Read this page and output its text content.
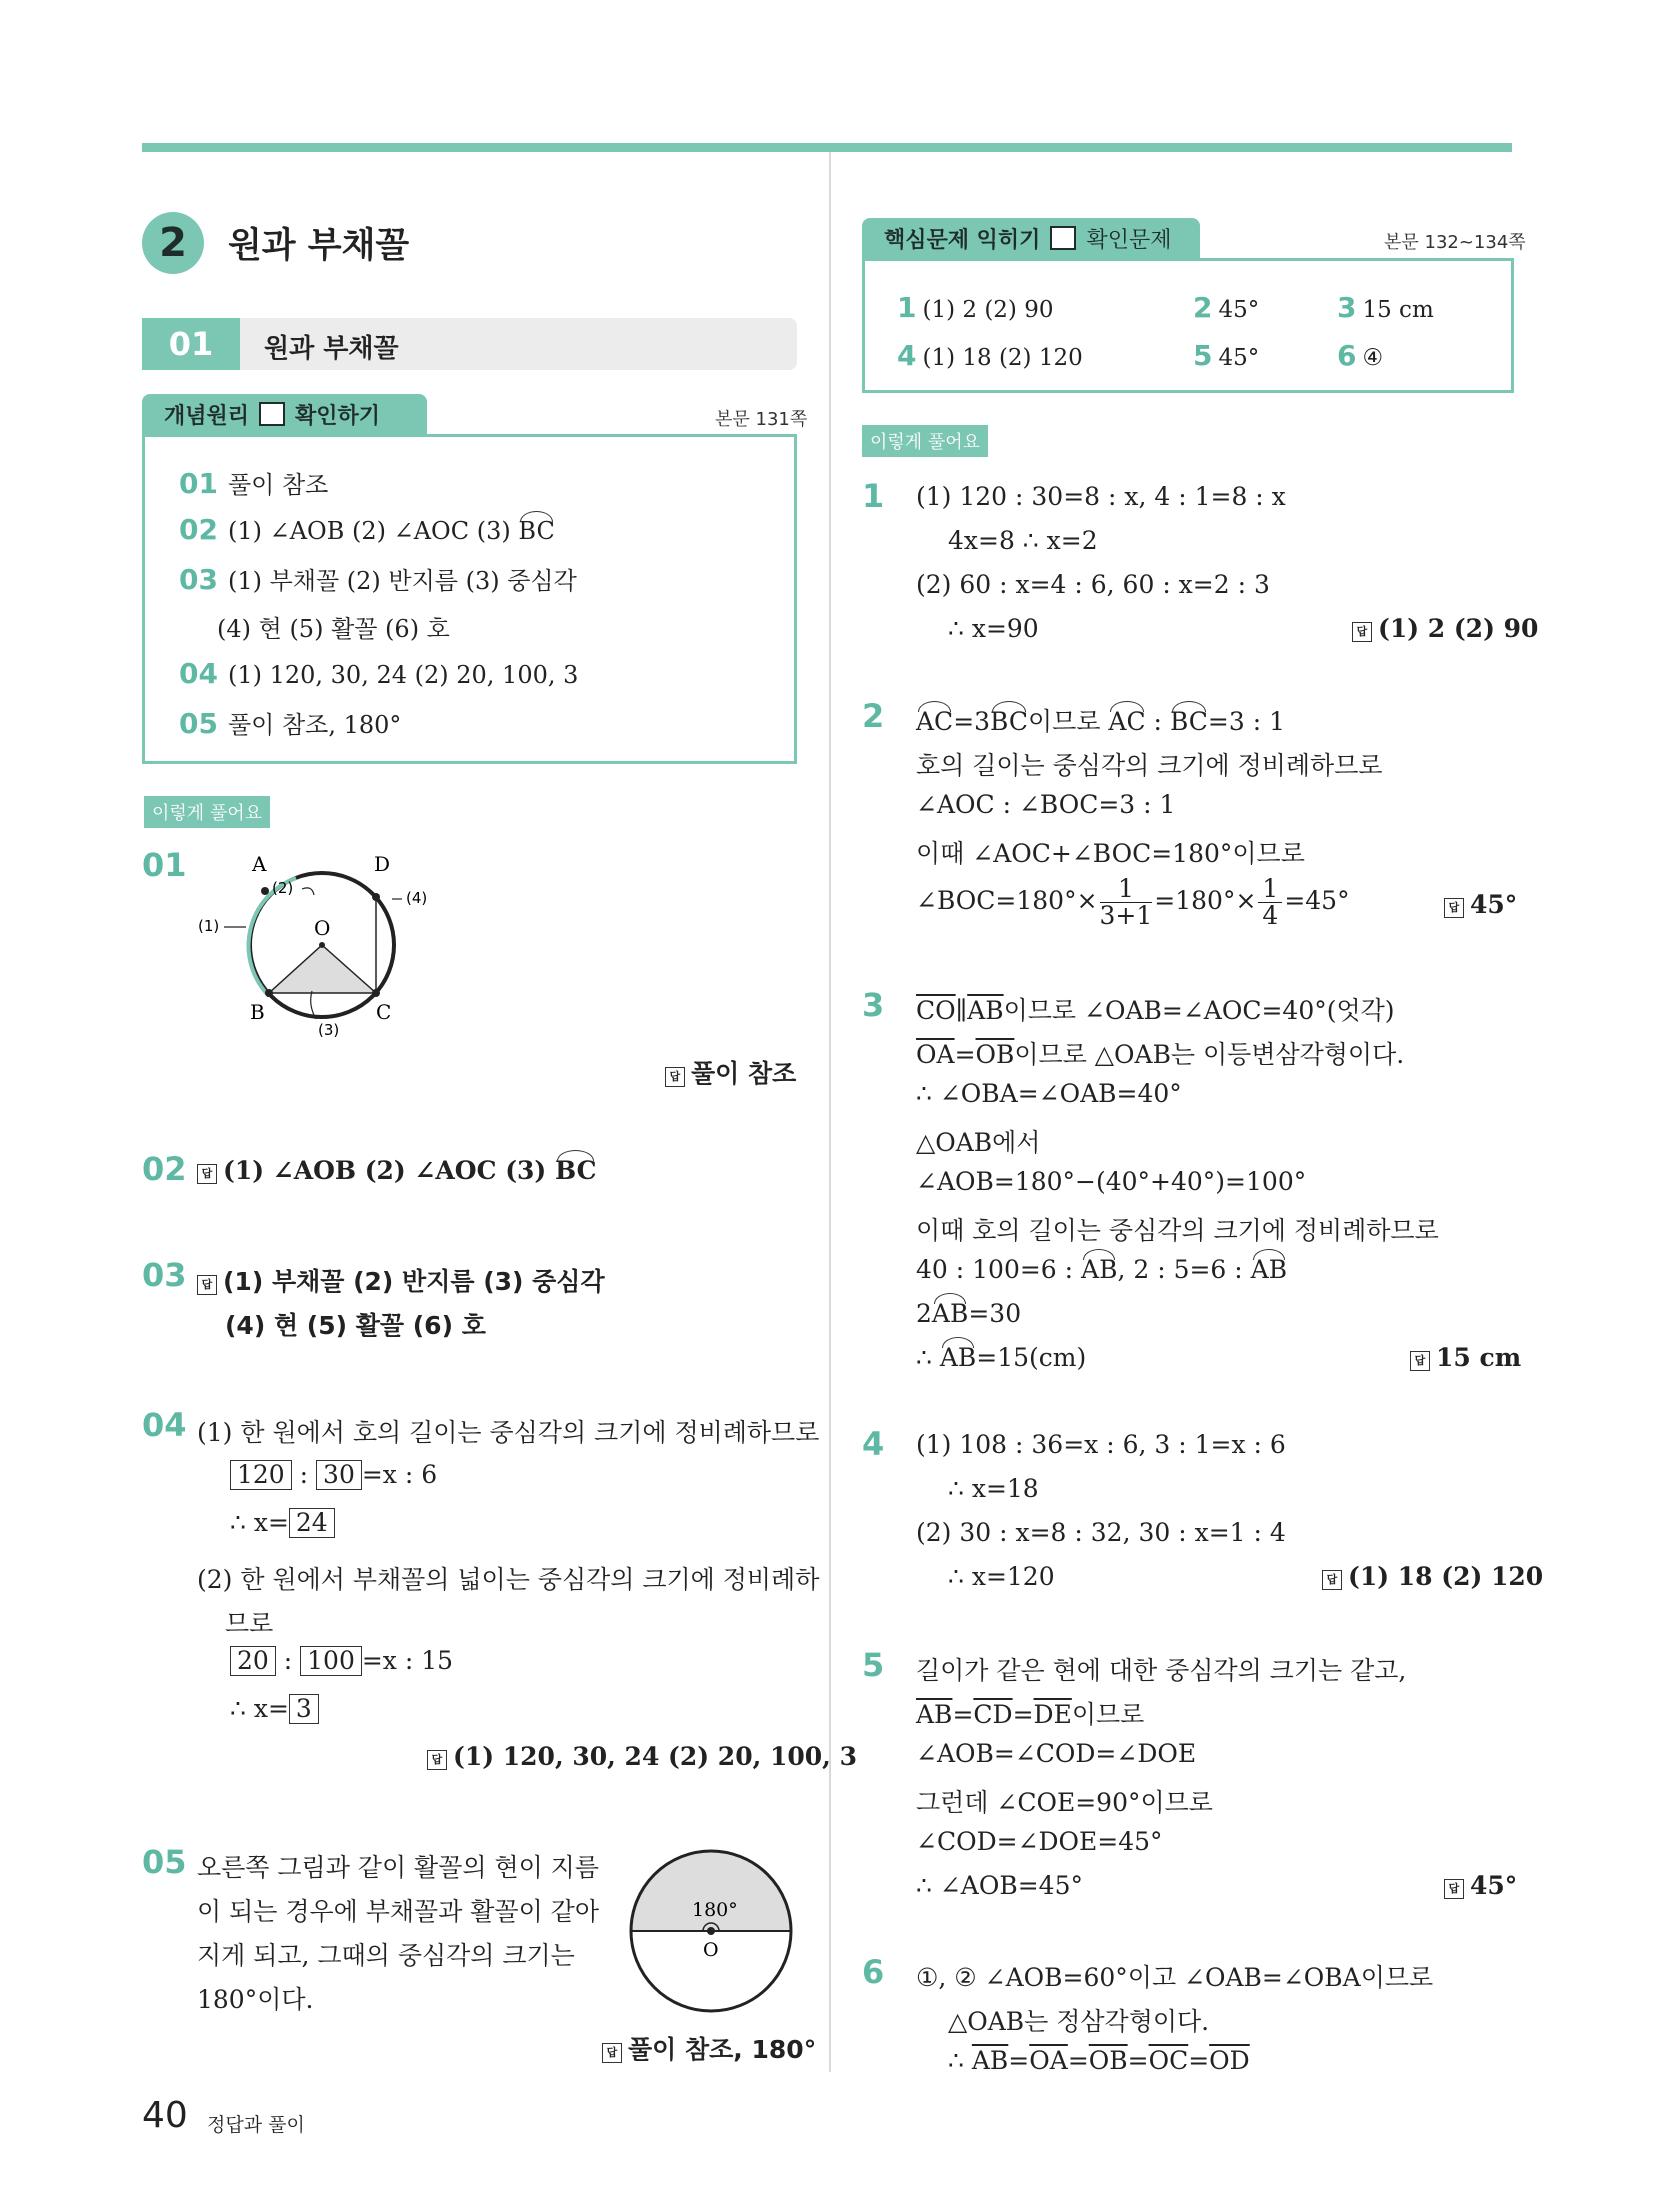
2	원과 부채꼴
01	원과 부채꼴
개념원리 확인하기	본문 131쪽
01 풀이 참조
02 (1) ∠AOB (2) ∠AOC (3) BC
03 (1) 부채꼴 (2) 반지름 (3) 중심각
(4) 현 (5) 활꼴 (6) 호
04 (1) 120, 30, 24 (2) 20, 100, 3
05 풀이 참조, 180°
이렇게 풀어요
01	A	D
B	C
O
(1)
(2)
(4)
(3)
답 풀이 참조
02	답 (1) ∠AOB (2) ∠AOC (3) BC
03	답 (1) 부채꼴 (2) 반지름 (3) 중심각
(4) 현 (5) 활꼴 (6) 호
04 (1) 한 원에서 호의 길이는 중심각의 크기에 정비례하므로
120 : 30 =x : 6
∴ x= 24
(2) 한 원에서 부채꼴의 넓이는 중심각의 크기에 정비례하
므로
20 : 100 =x : 15
∴ x= 3
답 (1) 120, 30, 24 (2) 20, 100, 3
05 오른쪽 그림과 같이 활꼴의 현이 지름
이 되는 경우에 부채꼴과 활꼴이 같아
지게 되고, 그때의 중심각의 크기는
180°이다.
180°
O
답 풀이 참조, 180°
핵심문제 익히기 확인문제	본문 132~134쪽
1 (1) 2 (2) 90	2 45°	3 15 cm
4 (1) 18 (2) 120	5 45°	6 ④
이렇게 풀어요
1 (1) 120 : 30=8 : x, 4 : 1=8 : x
4x=8 ∴ x=2
(2) 60 : x=4 : 6, 60 : x=2 : 3
∴ x=90	답 (1) 2 (2) 90
2 AC=3BC이므로 AC : BC=3 : 1
호의 길이는 중심각의 크기에 정비례하므로
∠AOC : ∠BOC=3 : 1
이때 ∠AOC+∠BOC=180°이므로
∠BOC=180°× $\frac{1}{3+1} =180^\circ\times \frac{1}{4} =45^\circ$	답 45°
3 $\overline{CO}\parallel\overline{AB}$이므로 ∠OAB=∠AOC=40°(엇각)
$\overline{OA}=\overline{OB}$이므로 △OAB는 이등변삼각형이다.
∴ ∠OBA=∠OAB=40°
△OAB에서
∠AOB=180°−(40°+40°)=100°
이때 호의 길이는 중심각의 크기에 정비례하므로
40 : 100=6 : AB, 2 : 5=6 : AB
2AB=30
∴ AB=15(cm)	답 15 cm
4 (1) 108 : 36=x : 6, 3 : 1=x : 6
∴ x=18
(2) 30 : x=8 : 32, 30 : x=1 : 4
∴ x=120	답 (1) 18 (2) 120
5 길이가 같은 현에 대한 중심각의 크기는 같고,
$\overline{AB}=\overline{CD}=\overline{DE}$이므로
∠AOB=∠COD=∠DOE
그런데 ∠COE=90°이므로
∠COD=∠DOE=45°
∴ ∠AOB=45°	답 45°
6 ①, ② ∠AOB=60°이고 ∠OAB=∠OBA이므로
△OAB는 정삼각형이다.
∴ $\overline{AB}=\overline{OA}=\overline{OB}=\overline{OC}=\overline{OD}$
40 정답과 풀이
